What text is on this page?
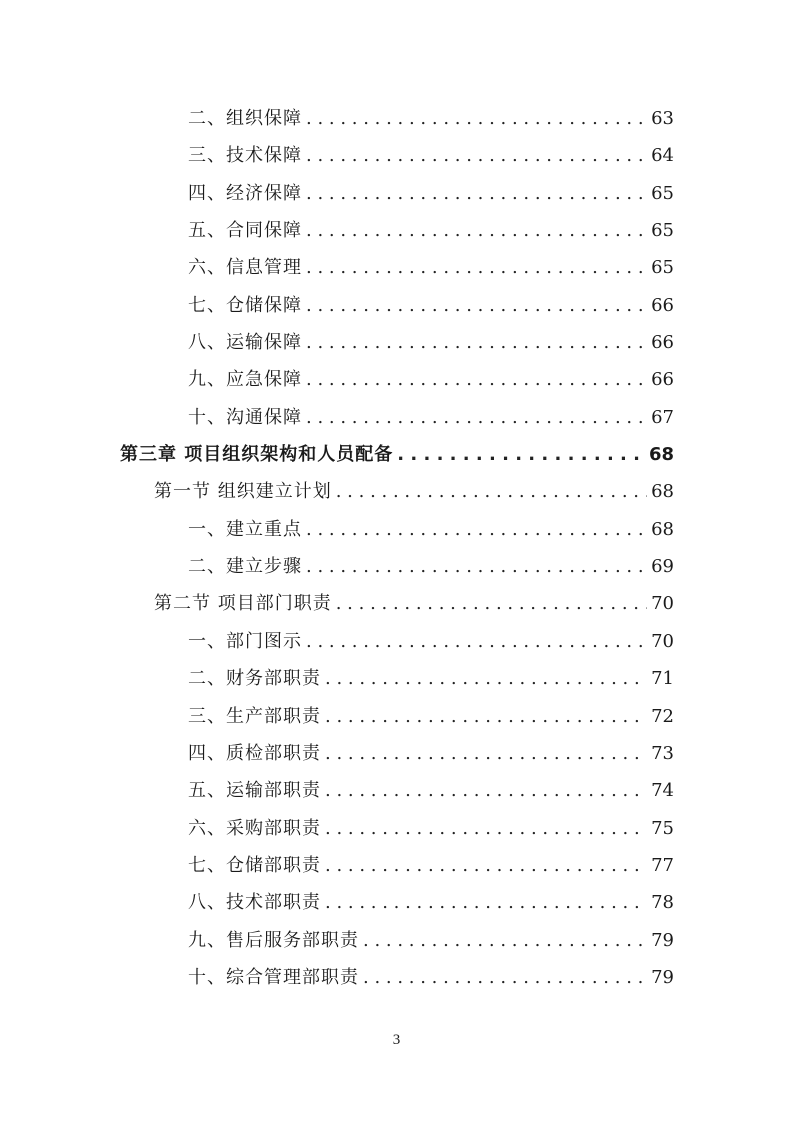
二、组织保障 . . .	63
三、技术保障 . . .	64
四、经济保障 . . .	65
五、合同保障 . . .	65
六、信息管理 . . .	65
七、仓储保障 . . .	66
八、运输保障 . . .	66
九、应急保障 . . .	66
十、沟通保障 . . .	67
第三章 项目组织架构和人员配备 . . .	68
第一节 组织建立计划 . . .	68
一、建立重点 . . .	68
二、建立步骤 . . .	69
第二节 项目部门职责 . . .	70
一、部门图示 . . .	70
二、财务部职责 . . .	71
三、生产部职责 . . .	72
四、质检部职责 . . .	73
五、运输部职责 . . .	74
六、采购部职责 . . .	75
七、仓储部职责 . . .	77
八、技术部职责 . . .	78
九、售后服务部职责 . . .	79
十、综合管理部职责 . . .	79
3
